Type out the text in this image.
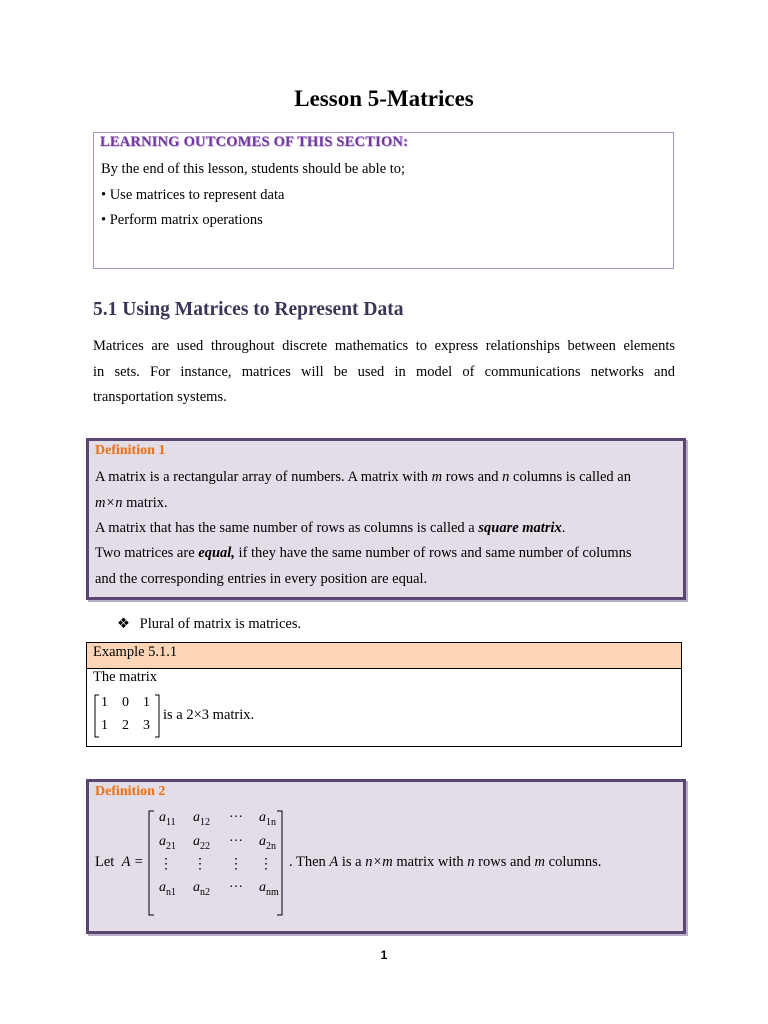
Lesson 5-Matrices
LEARNING OUTCOMES OF THIS SECTION:
By the end of this lesson, students should be able to;
• Use matrices to represent data
• Perform matrix operations
5.1 Using Matrices to Represent Data
Matrices are used throughout discrete mathematics to express relationships between elements
in sets. For instance, matrices will be used in model of communications networks and
transportation systems.
Definition 1
A matrix is a rectangular array of numbers. A matrix with m rows and n columns is called an
m×n matrix.
A matrix that has the same number of rows as columns is called a square matrix.
Two matrices are equal, if they have the same number of rows and same number of columns
and the corresponding entries in every position are equal.
❖ Plural of matrix is matrices.
Example 5.1.1
The matrix
1 0 1
1 2 3
is a 2×3 matrix.
Definition 2
Let A =
$a_{11}$ $a_{12}$ ··· $a_{1n}$
$a_{21}$ $a_{22}$ ··· $a_{2n}$
⋮ ⋮ ⋮ ⋮
$a_{n1}$ $a_{n2}$ ··· $a_{nm}$
. Then A is a n×m matrix with n rows and m columns.
1
